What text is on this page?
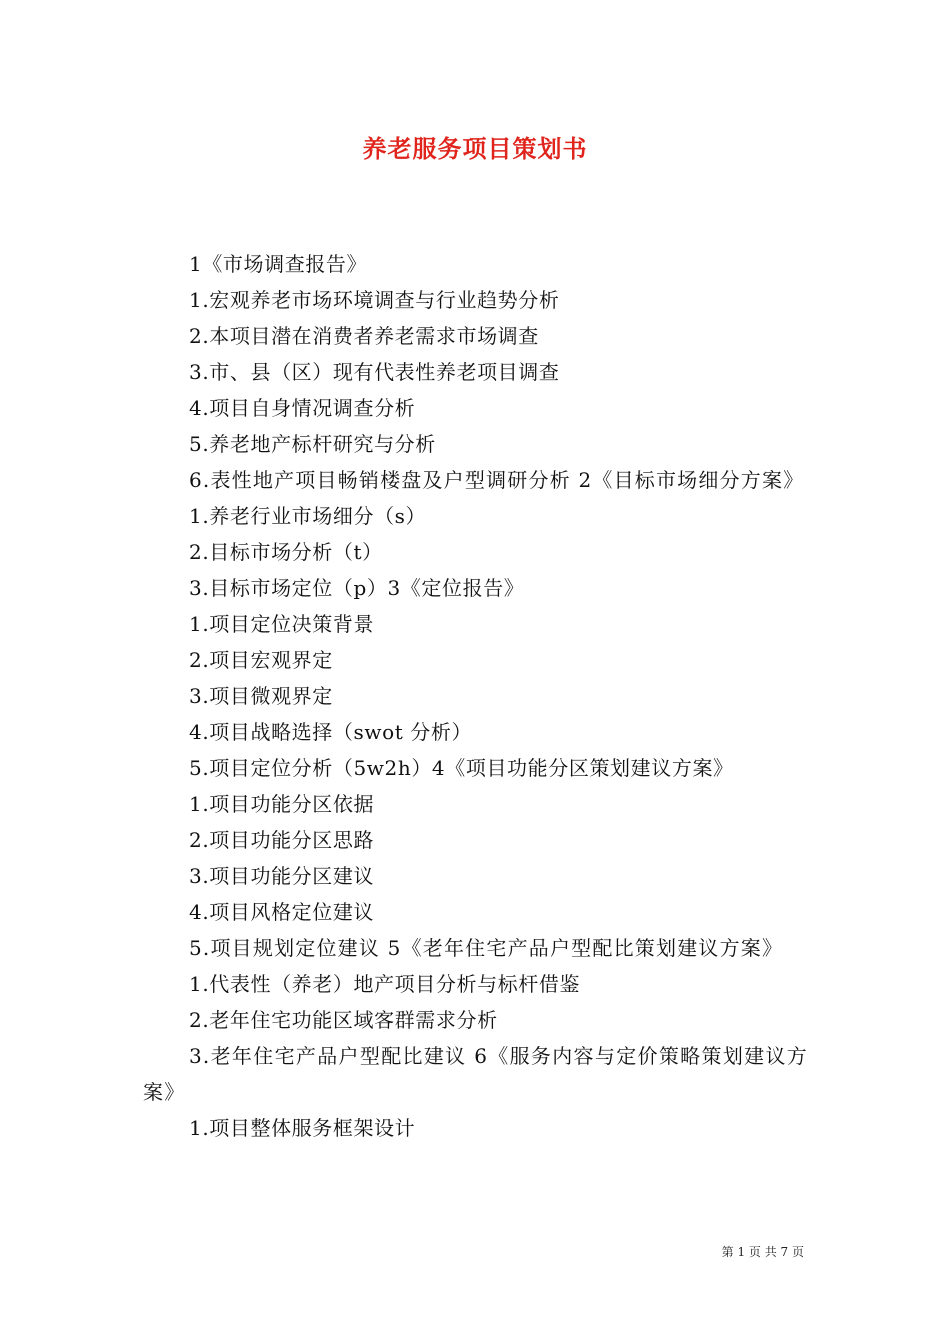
养老服务项目策划书

1《市场调查报告》

1.宏观养老市场环境调查与行业趋势分析

2.本项目潜在消费者养老需求市场调查

3.市、县（区）现有代表性养老项目调查

4.项目自身情况调查分析

5.养老地产标杆研究与分析

6.表性地产项目畅销楼盘及户型调研分析 2《目标市场细分方案》

1.养老行业市场细分（s）

2.目标市场分析（t）

3.目标市场定位（p）3《定位报告》

1.项目定位决策背景

2.项目宏观界定

3.项目微观界定

4.项目战略选择（swot 分析）

5.项目定位分析（5w2h）4《项目功能分区策划建议方案》

1.项目功能分区依据

2.项目功能分区思路

3.项目功能分区建议

4.项目风格定位建议

5.项目规划定位建议 5《老年住宅产品户型配比策划建议方案》

1.代表性（养老）地产项目分析与标杆借鉴

2.老年住宅功能区域客群需求分析

3.老年住宅产品户型配比建议 6《服务内容与定价策略策划建议方案》

1.项目整体服务框架设计

第 1 页 共 7 页
